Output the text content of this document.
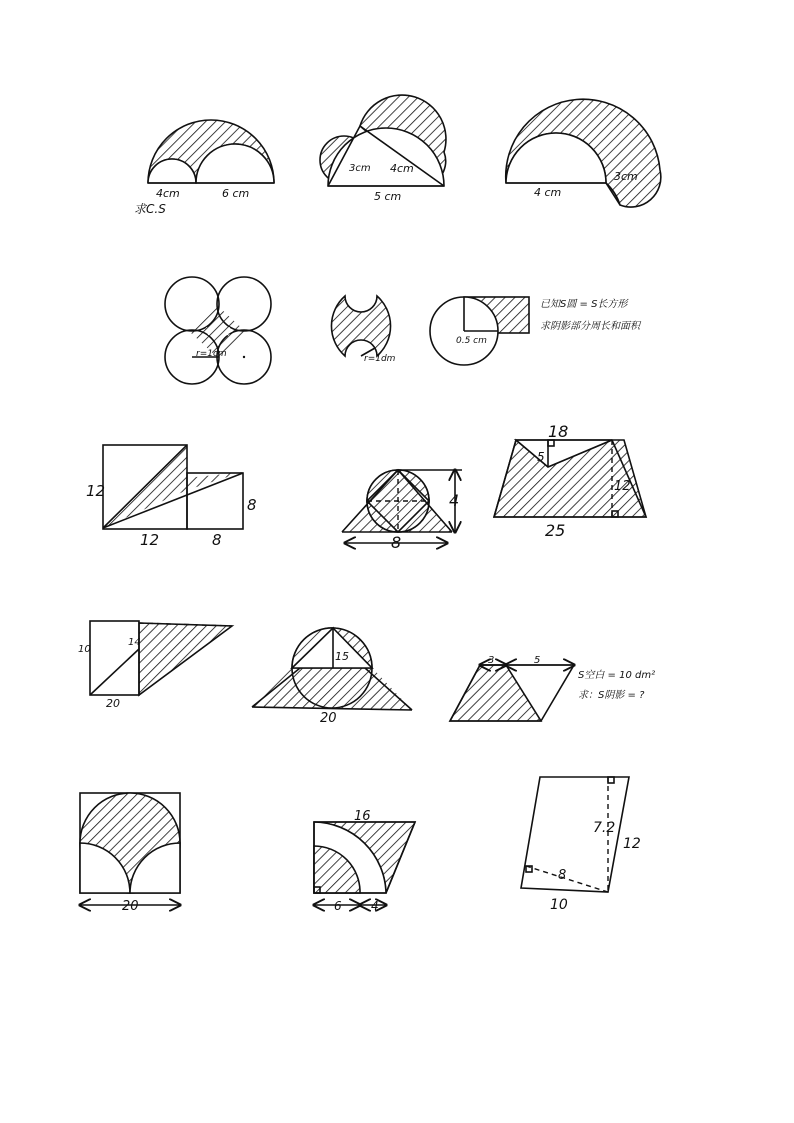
4cm	6 cm
求C.S
3cm 4cm
5 cm	4 cm
3cm
r=1cm	r=1dm
0.5 cm
已知S圆 = S长方形
求阴影部分周长和面积
12
12	8
8	4
8
18
5
12
25
10
14
20
15
20
3	5
S空白 = 10 dm²
求：S阴影 = ?
20
16
6 4
7.2
12
8
10
